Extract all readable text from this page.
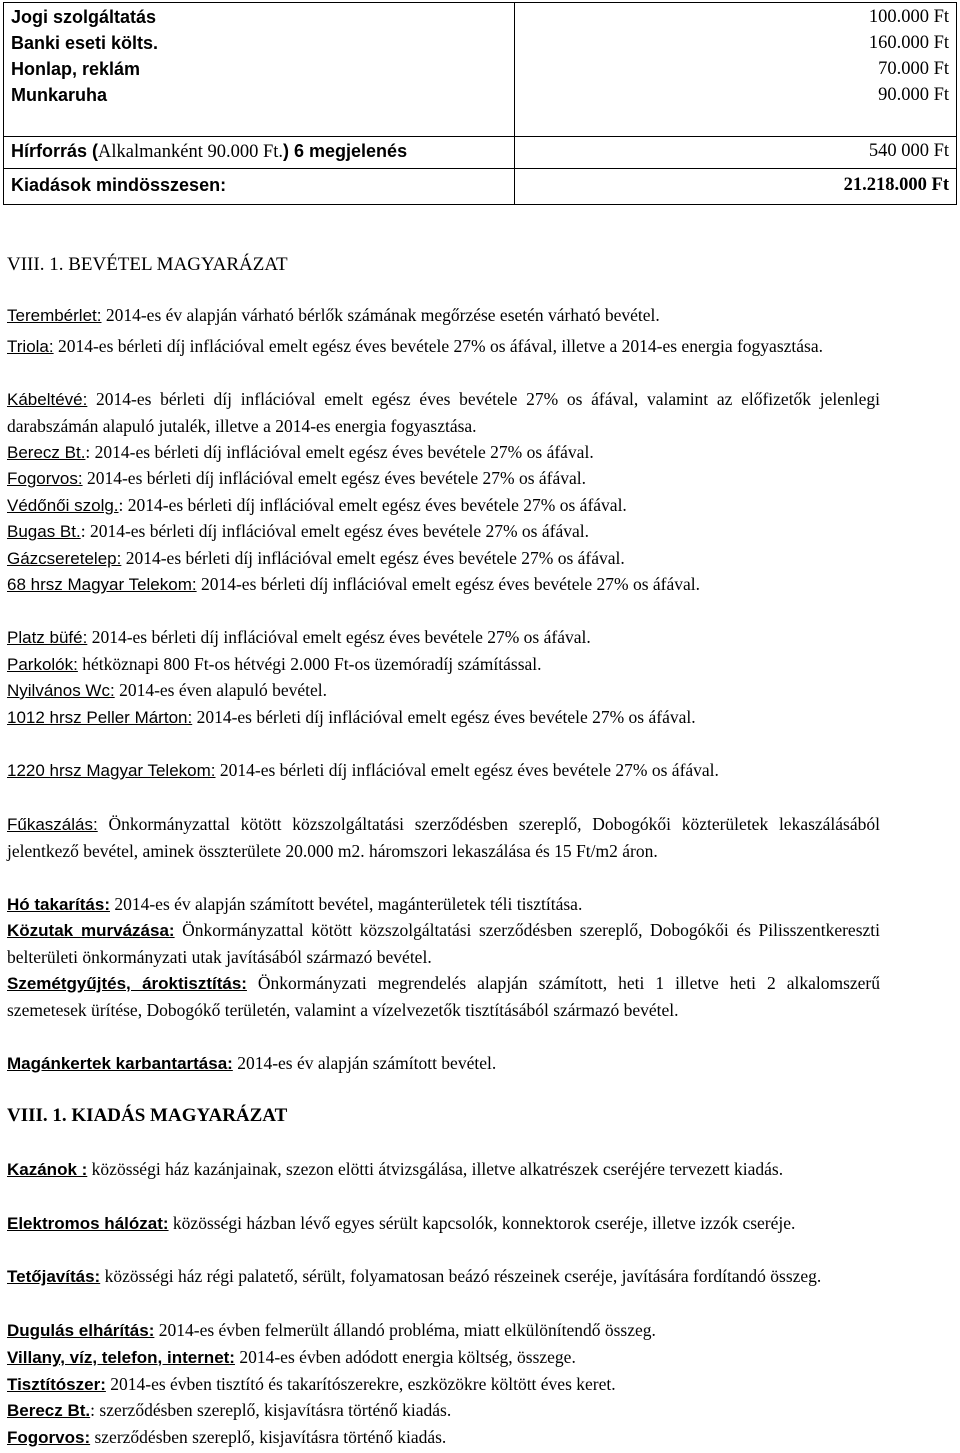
Jogi szolgáltatás
Banki eseti költs.
Honlap, reklám
Munkaruha
100.000 Ft
160.000 Ft
70.000 Ft
90.000 Ft
Hírforrás (Alkalmanként 90.000 Ft.) 6 megjelenés	540 000 Ft
Kiadások mindösszesen:	21.218.000 Ft
VIII. 1. BEVÉTEL MAGYARÁZAT
Terembérlet: 2014-es év alapján várható bérlők számának megőrzése esetén várható bevétel.
Triola: 2014-es bérleti díj inflációval emelt egész éves bevétele 27% os áfával, illetve a 2014-es energia fogyasztása.
Kábeltévé: 2014-es bérleti díj inflációval emelt egész éves bevétele 27% os áfával, valamint az előfizetők jelenlegi darabszámán alapuló jutalék, illetve a 2014-es energia fogyasztása.
Berecz Bt.: 2014-es bérleti díj inflációval emelt egész éves bevétele 27% os áfával.
Fogorvos: 2014-es bérleti díj inflációval emelt egész éves bevétele 27% os áfával.
Védőnői szolg.: 2014-es bérleti díj inflációval emelt egész éves bevétele 27% os áfával.
Bugas Bt.: 2014-es bérleti díj inflációval emelt egész éves bevétele 27% os áfával.
Gázcseretelep: 2014-es bérleti díj inflációval emelt egész éves bevétele 27% os áfával.
68 hrsz Magyar Telekom: 2014-es bérleti díj inflációval emelt egész éves bevétele 27% os áfával.
Platz büfé: 2014-es bérleti díj inflációval emelt egész éves bevétele 27% os áfával.
Parkolók: hétköznapi 800 Ft-os hétvégi 2.000 Ft-os üzemóradíj számítással.
Nyilvános Wc: 2014-es éven alapuló bevétel.
1012 hrsz Peller Márton: 2014-es bérleti díj inflációval emelt egész éves bevétele 27% os áfával.
1220 hrsz Magyar Telekom: 2014-es bérleti díj inflációval emelt egész éves bevétele 27% os áfával.
Fűkaszálás: Önkormányzattal kötött közszolgáltatási szerződésben szereplő, Dobogókői közterületek lekaszálásából jelentkező bevétel, aminek összterülete 20.000 m2. háromszori lekaszálása és 15 Ft/m2 áron.
Hó takarítás: 2014-es év alapján számított bevétel, magánterületek téli tisztítása.
Közutak murvázása: Önkormányzattal kötött közszolgáltatási szerződésben szereplő, Dobogókői és Pilisszentkereszti belterületi önkormányzati utak javításából származó bevétel.
Szemétgyűjtés, ároktisztítás: Önkormányzati megrendelés alapján számított, heti 1 illetve heti 2 alkalomszerű szemetesek ürítése, Dobogókő területén, valamint a vízelvezetők tisztításából származó bevétel.
Magánkertek karbantartása: 2014-es év alapján számított bevétel.
VIII. 1. KIADÁS MAGYARÁZAT
Kazánok : közösségi ház kazánjainak, szezon elötti átvizsgálása, illetve alkatrészek cseréjére tervezett kiadás.
Elektromos hálózat: közösségi házban lévő egyes sérült kapcsolók, konnektorok cseréje, illetve izzók cseréje.
Tetőjavítás: közösségi ház régi palatető, sérült, folyamatosan beázó részeinek cseréje, javítására fordítandó összeg.
Dugulás elhárítás: 2014-es évben felmerült állandó probléma, miatt elkülönítendő összeg.
Villany, víz, telefon, internet: 2014-es évben adódott energia költség, összege.
Tisztítószer: 2014-es évben tisztító és takarítószerekre, eszközökre költött éves keret.
Berecz Bt.: szerződésben szereplő, kisjavításra történő kiadás.
Fogorvos: szerződésben szereplő, kisjavításra történő kiadás.
